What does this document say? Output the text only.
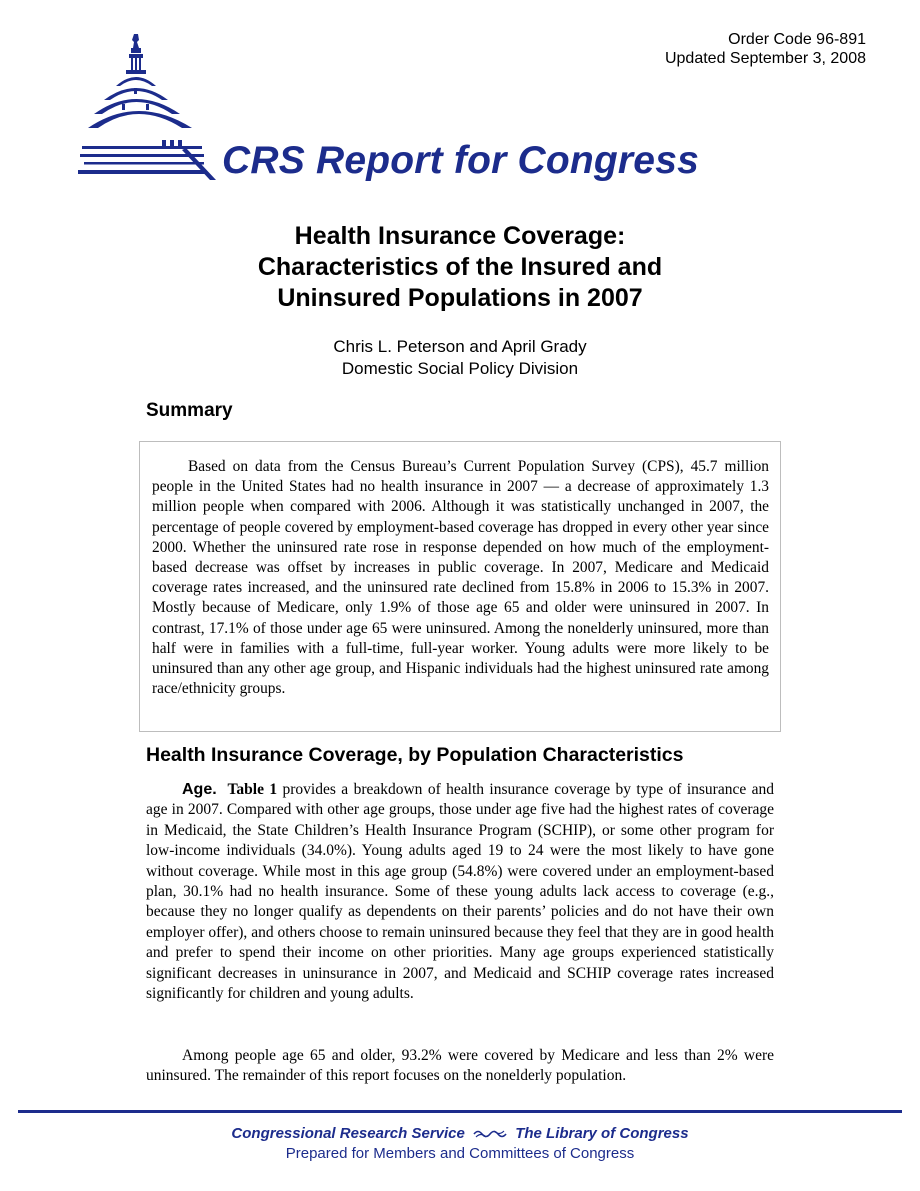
Order Code 96-891
Updated September 3, 2008
CRS Report for Congress
Health Insurance Coverage:
Characteristics of the Insured and
Uninsured Populations in 2007
Chris L. Peterson and April Grady
Domestic Social Policy Division
Summary

Based on data from the Census Bureau’s Current Population Survey (CPS), 45.7 million people in the United States had no health insurance in 2007 — a decrease of approximately 1.3 million people when compared with 2006. Although it was statistically unchanged in 2007, the percentage of people covered by employment-based coverage has dropped in every other year since 2000. Whether the uninsured rate rose in response depended on how much of the employment-based decrease was offset by increases in public coverage. In 2007, Medicare and Medicaid coverage rates increased, and the uninsured rate declined from 15.8% in 2006 to 15.3% in 2007. Mostly because of Medicare, only 1.9% of those age 65 and older were uninsured in 2007. In contrast, 17.1% of those under age 65 were uninsured. Among the nonelderly uninsured, more than half were in families with a full-time, full-year worker. Young adults were more likely to be uninsured than any other age group, and Hispanic individuals had the highest uninsured rate among race/ethnicity groups.

Health Insurance Coverage, by Population Characteristics

Age. Table 1 provides a breakdown of health insurance coverage by type of insurance and age in 2007. Compared with other age groups, those under age five had the highest rates of coverage in Medicaid, the State Children’s Health Insurance Program (SCHIP), or some other program for low-income individuals (34.0%). Young adults aged 19 to 24 were the most likely to have gone without coverage. While most in this age group (54.8%) were covered under an employment-based plan, 30.1% had no health insurance. Some of these young adults lack access to coverage (e.g., because they no longer qualify as dependents on their parents’ policies and do not have their own employer offer), and others choose to remain uninsured because they feel that they are in good health and prefer to spend their income on other priorities. Many age groups experienced statistically significant decreases in uninsurance in 2007, and Medicaid and SCHIP coverage rates increased significantly for children and young adults.

Among people age 65 and older, 93.2% were covered by Medicare and less than 2% were uninsured. The remainder of this report focuses on the nonelderly population.

Congressional Research Service	The Library of Congress
Prepared for Members and Committees of Congress
